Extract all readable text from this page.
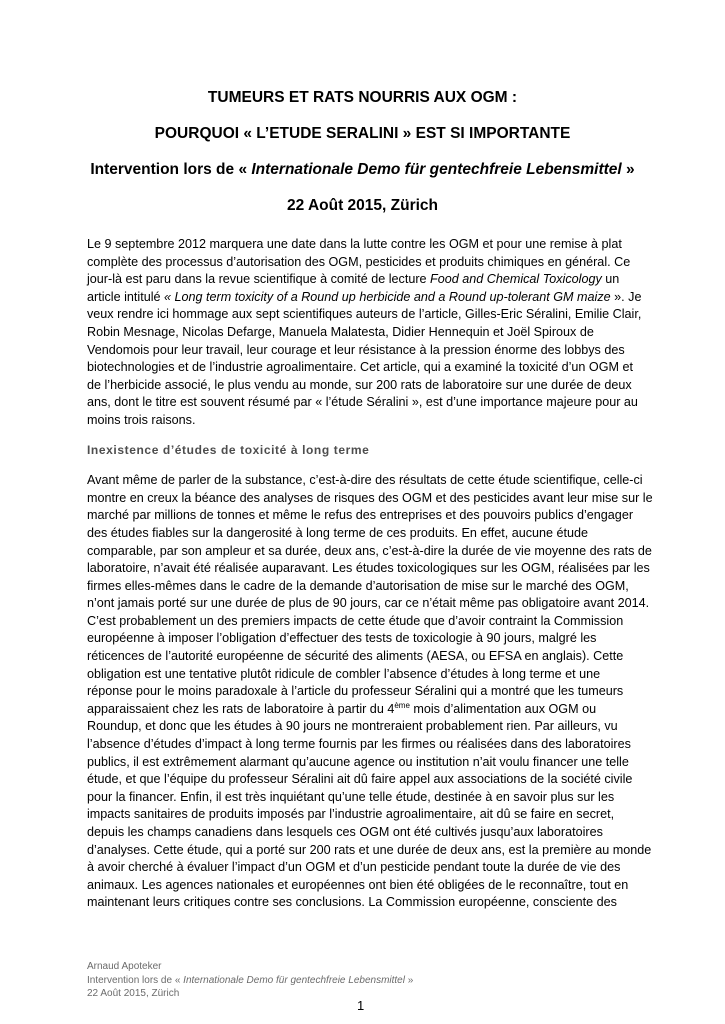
TUMEURS ET RATS NOURRIS AUX OGM :

POURQUOI « L’ETUDE SERALINI » EST SI IMPORTANTE

Intervention lors de « Internationale Demo für gentechfreie Lebensmittel »

22 Août 2015, Zürich

Le 9 septembre 2012 marquera une date dans la lutte contre les OGM et pour une remise à plat
complète des processus d’autorisation des OGM, pesticides et produits chimiques en général. Ce
jour-là est paru dans la revue scientifique à comité de lecture Food and Chemical Toxicology un
article intitulé « Long term toxicity of a Round up herbicide and a Round up-tolerant GM maize ». Je
veux rendre ici hommage aux sept scientifiques auteurs de l’article, Gilles-Eric Séralini, Emilie Clair,
Robin Mesnage, Nicolas Defarge, Manuela Malatesta, Didier Hennequin et Joël Spiroux de
Vendomois pour leur travail, leur courage et leur résistance à la pression énorme des lobbys des
biotechnologies et de l’industrie agroalimentaire. Cet article, qui a examiné la toxicité d’un OGM et
de l’herbicide associé, le plus vendu au monde, sur 200 rats de laboratoire sur une durée de deux
ans, dont le titre est souvent résumé par « l’étude Séralini », est d’une importance majeure pour au
moins trois raisons.

Inexistence d’études de toxicité à long terme

Avant même de parler de la substance, c’est-à-dire des résultats de cette étude scientifique, celle-ci
montre en creux la béance des analyses de risques des OGM et des pesticides avant leur mise sur le
marché par millions de tonnes et même le refus des entreprises et des pouvoirs publics d’engager
des études fiables sur la dangerosité à long terme de ces produits. En effet, aucune étude
comparable, par son ampleur et sa durée, deux ans, c’est-à-dire la durée de vie moyenne des rats de
laboratoire, n’avait été réalisée auparavant. Les études toxicologiques sur les OGM, réalisées par les
firmes elles-mêmes dans le cadre de la demande d’autorisation de mise sur le marché des OGM,
n’ont jamais porté sur une durée de plus de 90 jours, car ce n’était même pas obligatoire avant 2014.
C’est probablement un des premiers impacts de cette étude que d’avoir contraint la Commission
européenne à imposer l’obligation d’effectuer des tests de toxicologie à 90 jours, malgré les
réticences de l’autorité européenne de sécurité des aliments (AESA, ou EFSA en anglais). Cette
obligation est une tentative plutôt ridicule de combler l’absence d’études à long terme et une
réponse pour le moins paradoxale à l’article du professeur Séralini qui a montré que les tumeurs
apparaissaient chez les rats de laboratoire à partir du 4ème mois d’alimentation aux OGM ou
Roundup, et donc que les études à 90 jours ne montreraient probablement rien. Par ailleurs, vu
l’absence d’études d’impact à long terme fournis par les firmes ou réalisées dans des laboratoires
publics, il est extrêmement alarmant qu’aucune agence ou institution n’ait voulu financer une telle
étude, et que l’équipe du professeur Séralini ait dû faire appel aux associations de la société civile
pour la financer. Enfin, il est très inquiétant qu’une telle étude, destinée à en savoir plus sur les
impacts sanitaires de produits imposés par l’industrie agroalimentaire, ait dû se faire en secret,
depuis les champs canadiens dans lesquels ces OGM ont été cultivés jusqu’aux laboratoires
d’analyses. Cette étude, qui a porté sur 200 rats et une durée de deux ans, est la première au monde
à avoir cherché à évaluer l’impact d’un OGM et d’un pesticide pendant toute la durée de vie des
animaux. Les agences nationales et européennes ont bien été obligées de le reconnaître, tout en
maintenant leurs critiques contre ses conclusions. La Commission européenne, consciente des

Arnaud Apoteker
Intervention lors de « Internationale Demo für gentechfreie Lebensmittel »
22 Août 2015, Zürich
1
